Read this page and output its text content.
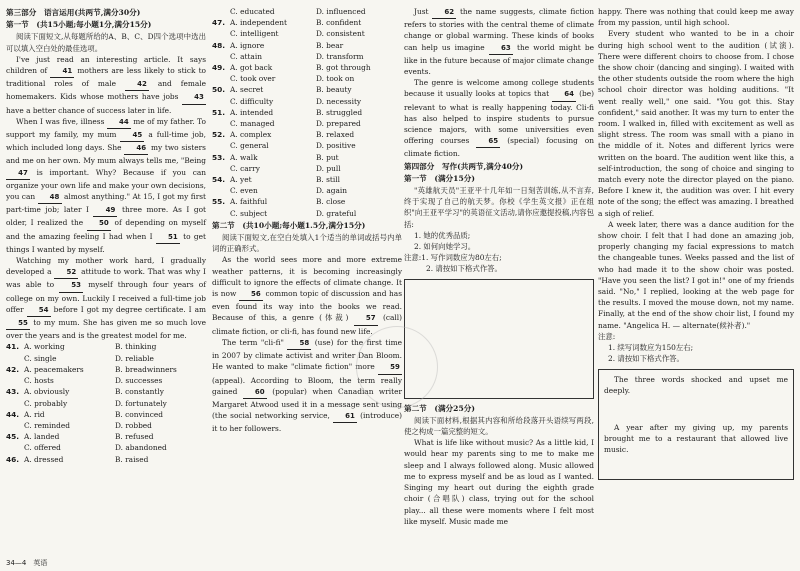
第三部分　语言运用(共两节,满分30分)
第一节　(共15小题;每小题1分,满分15分)

阅读下面短文,从每题所给的A、B、C、D四个选项中选出可以填入空白处的最佳选项。

I've just read an interesting article. It says children of 41 mothers are less likely to stick to traditional roles of male 42 and female homemakers. Kids whose mothers have jobs 43 have a better chance of success later in life.

When I was five, illness 44 me of my father. To support my family, my mum 45 a full-time job, which included long days. She 46 my two sisters and me on her own. My mum always tells me, "Being 47 is important. Why? Because if you can organize your own life and make your own decisions, you can 48 almost anything." At 15, I got my first part-time job; later I 49 three more. As I got older, I realized the 50 of depending on myself and the amazing feeling I had when I 51 to get things I wanted by myself.

Watching my mother work hard, I gradually developed a 52 attitude to work. That was why I was able to 53 myself through four years of college on my own. Luckily I received a full-time job offer 54 before I got my degree certificate. I am 55 to my mum. She has given me so much love over the years and is the greatest model for me.

41. A. working	B. thinking
C. single	D. reliable
42. A. peacemakers	B. breadwinners
C. hosts	D. successes
43. A. obviously	B. constantly
C. probably	D. fortunately
44. A. rid	B. convinced
C. reminded	D. robbed
45. A. landed	B. refused
C. offered	D. abandoned
46. A. dressed	B. raised
C. educated	D. influenced
47. A. independent	B. confident
C. intelligent	D. consistent
48. A. ignore	B. bear
C. attain	D. transform
49. A. got back	B. got through
C. took over	D. took on
50. A. secret	B. beauty
C. difficulty	D. necessity
51. A. intended	B. struggled
C. managed	D. prepared
52. A. complex	B. relaxed
C. general	D. positive
53. A. walk	B. put
C. carry	D. pull
54. A. yet	B. still
C. even	D. again
55. A. faithful	B. close
C. subject	D. grateful
第二节　(共10小题;每小题1.5分,满分15分)

阅读下面短文,在空白处填入1个适当的单词或括号内单词的正确形式。

As the world sees more and more extreme weather patterns, it is becoming increasingly difficult to ignore the effects of climate change. It is now 56 common topic of discussion and has even found its way into the books we read. Because of this, a genre (体裁) 57 (call) climate fiction, or cli-fi, has found new life.

The term "cli-fi" 58 (use) for the first time in 2007 by climate activist and writer Dan Bloom. He wanted to make "climate fiction" more 59 (appeal). According to Bloom, the term really gained 60 (popular) when Canadian writer Margaret Atwood used it in a message sent using (the social networking service, 61 (introduce) it to her followers.

Just 62 the name suggests, climate fiction refers to stories with the central theme of climate change or global warming. These kinds of books can help us imagine 63 the world might be like in the future because of major climate change events.

The genre is welcome among college students because it usually looks at topics that 64 (be) relevant to what is really happening today. Cli-fi has also helped to inspire students to pursue science majors, with some universities even offering courses 65 (special) focusing on climate fiction.

第四部分　写作(共两节,满分40分)
第一节　(满分15分)

"英雄航天员"王亚平十几年如一日刻苦训练,从不言弃,终于实现了自己的航天梦。你校《学生英文报》正在组织"向王亚平学习"的英语征文活动,请你应邀提投稿,内容包括:

1. 她的优秀品质;

2. 如何向她学习。

注意:1. 写作词数应为80左右;

2. 请按如下格式作答。

第二节　(满分25分)

阅读下面材料,根据其内容和所给段落开头语续写两段,使之构成一篇完整的短文。

What is life like without music? As a little kid, I would hear my parents sing to me to make me sleep and I always followed along. Music allowed me to express myself and be as loud as I wanted. Singing my heart out during the eighth grade choir (合唱队) class, trying out for the school play... all these were moments where I felt most like myself. Music made me

happy. There was nothing that could keep me away from my passion, until high school.

Every student who wanted to be in a choir during high school went to the audition (试演). There were different choirs to choose from. I chose the show choir (dancing and singing). I waited with the other students outside the room where the high school choir director was holding auditions. "It went really well," one said. "You got this. Stay confident," said another. It was my turn to enter the room. I walked in, filled with excitement as well as slight stress. The room was small with a piano in the middle of it. Notes and different lyrics were written on the board. The audition went like this, a self-introduction, the song of choice and singing to match every note the director played on the piano. Before I knew it, the audition was over. I hit every note of the song; the effect was amazing. I breathed a sigh of relief.

A week later, there was a dance audition for the show choir. I felt that I had done an amazing job, properly changing my facial expressions to match the changeable tunes. Weeks passed and the list of who had made it to the show choir was posted. "Have you seen the list? I got in!" one of my friends said. "No," I replied, looking at the web page for the results. I moved the mouse down, not my name. Finally, at the end of the show choir list, I found my name. "Angelica H. — alternate(候补者)."

注意:

1. 续写词数应为150左右;

2. 请按如下格式作答。

The three words shocked and upset me deeply.

A year after my giving up, my parents brought me to a restaurant that allowed live music.

34—4　英语
